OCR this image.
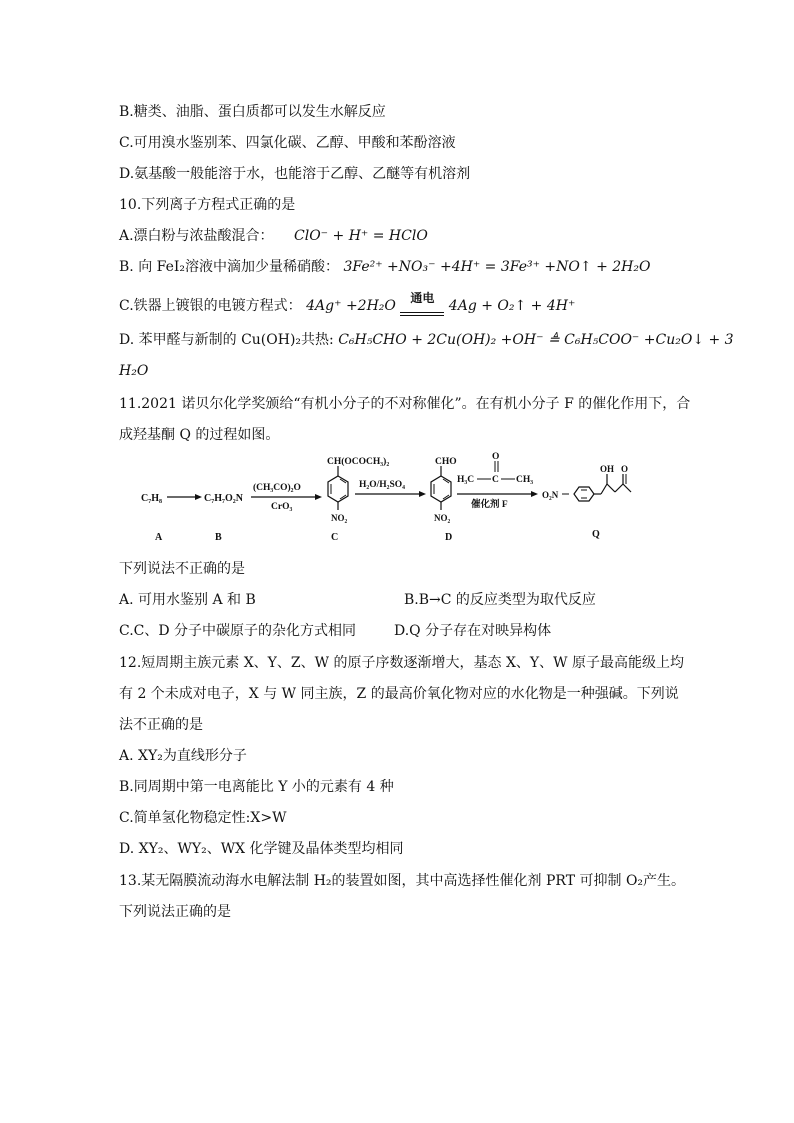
B.糖类、油脂、蛋白质都可以发生水解反应
C.可用溴水鉴别苯、四氯化碳、乙醇、甲酸和苯酚溶液
D.氨基酸一般能溶于水，也能溶于乙醇、乙醚等有机溶剂
10.下列离子方程式正确的是
A.漂白粉与浓盐酸混合： ClO⁻ + H⁺ = HClO
B. 向 FeI₂溶液中滴加少量稀硝酸： 3Fe²⁺ +NO₃⁻ +4H⁺ = 3Fe³⁺ +NO↑ + 2H₂O
C.铁器上镀银的电镀方程式： 4Ag⁺ +2H₂O	通电	4Ag + O₂↑ + 4H⁺
D. 苯甲醛与新制的 Cu(OH)₂共热: C₆H₅CHO + 2Cu(OH)₂ +OH⁻ ≜ C₆H₅COO⁻ +Cu₂O↓ + 3
H₂O
11.2021 诺贝尔化学奖颁给“有机小分子的不对称催化”。在有机小分子 F 的催化作用下，合
成羟基酮 Q 的过程如图。
C₇H₈	C₇H₇O₂N
(CH₃CO)₂O
CrO₃
CH(OCOCH₃)₂
NO₂
H₂O/H₂SO₄
CHO
NO₂
H₃C C CH₃
O
催化剂 F
O₂N
OH O
A	B	C	D	Q
下列说法不正确的是
A. 可用水鉴别 A 和 B	B.B→C 的反应类型为取代反应
C.C、D 分子中碳原子的杂化方式相同	D.Q 分子存在对映异构体
12.短周期主族元素 X、Y、Z、W 的原子序数逐渐增大，基态 X、Y、W 原子最高能级上均
有 2 个未成对电子，X 与 W 同主族，Z 的最高价氧化物对应的水化物是一种强碱。下列说
法不正确的是
A. XY₂为直线形分子
B.同周期中第一电离能比 Y 小的元素有 4 种
C.简单氢化物稳定性:X>W
D. XY₂、WY₂、WX 化学键及晶体类型均相同
13.某无隔膜流动海水电解法制 H₂的装置如图，其中高选择性催化剂 PRT 可抑制 O₂产生。
下列说法正确的是
